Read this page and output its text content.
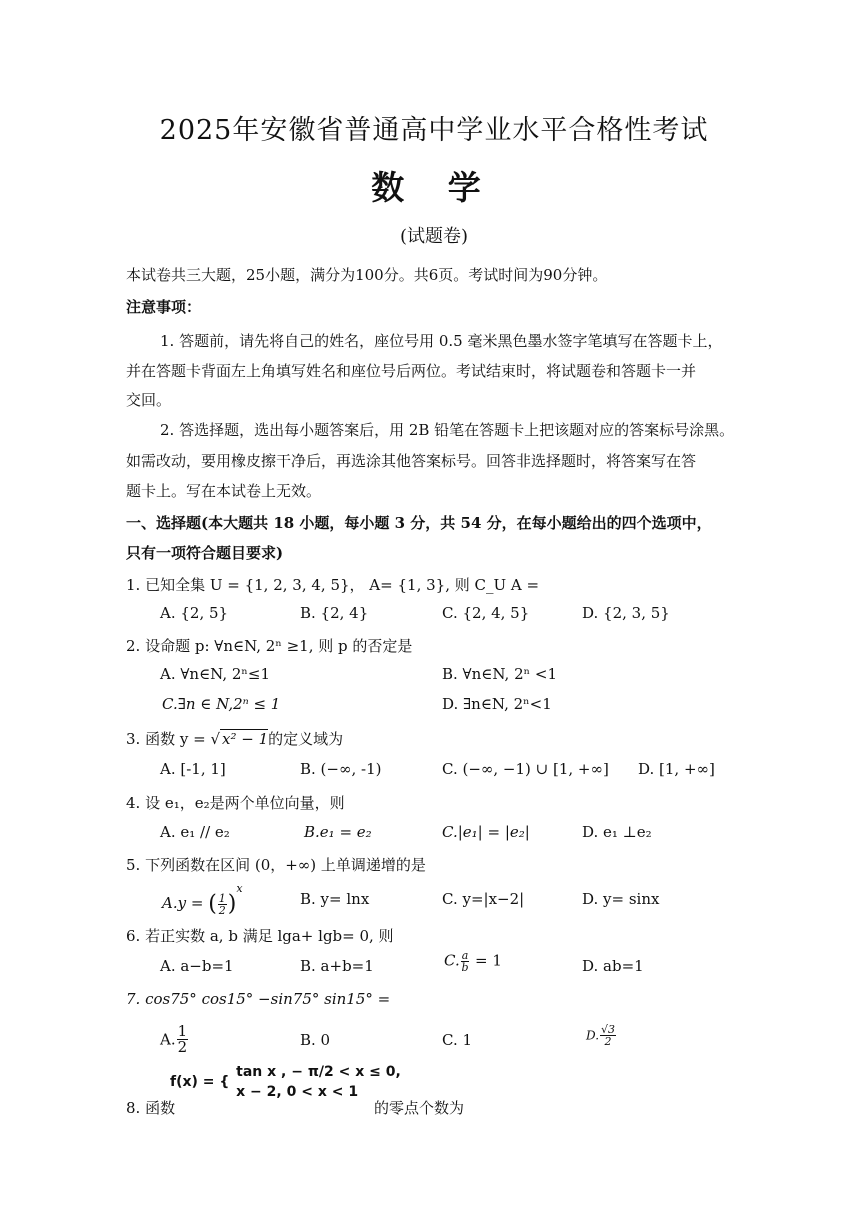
2025年安徽省普通高中学业水平合格性考试
数 学
(试题卷)
本试卷共三大题，25小题，满分为100分。共6页。考试时间为90分钟。
注意事项：
1. 答题前，请先将自己的姓名，座位号用 0.5 毫米黑色墨水签字笔填写在答题卡上，
并在答题卡背面左上角填写姓名和座位号后两位。考试结束时，将试题卷和答题卡一并
交回。
2. 答选择题，选出每小题答案后，用 2B 铅笔在答题卡上把该题对应的答案标号涂黑。
如需改动，要用橡皮擦干净后，再选涂其他答案标号。回答非选择题时，将答案写在答
题卡上。写在本试卷上无效。
一、选择题(本大题共 18 小题，每小题 3 分，共 54 分，在每小题给出的四个选项中，
只有一项符合题目要求)
1. 已知全集 U = {1, 2, 3, 4, 5}， A= {1, 3}, 则 C_U A =
A. {2, 5}	B. {2, 4}	C. {2, 4, 5}	D. {2, 3, 5}
2. 设命题 p: ∀n∈N, 2ⁿ ≥1, 则 p 的否定是
A. ∀n∈N, 2ⁿ≤1	B. ∀n∈N, 2ⁿ <1
C.∃n ∈ N,2ⁿ ≤ 1	D. ∃n∈N, 2ⁿ<1
3. 函数 y = √ x² − 1的定义域为
A. [-1, 1]	B. (−∞, -1)	C. (−∞, −1) ∪ [1, +∞] D. [1, +∞]
4. 设 e₁，e₂是两个单位向量，则
A. e₁ // e₂	B.e₁ = e₂	C.|e₁| = |e₂|	D. e₁ ⊥e₂
5. 下列函数在区间 (0，+∞) 上单调递增的是
A.y = ( $\frac{1}{2} )^x$
B. y= lnx	C. y=|x−2|	D. y= sinx
6. 若正实数 a, b 满足 lga+ lgb= 0, 则
A. a−b=1	B. a+b=1	C. $\frac{a}{b} = 1$	D. ab=1
7. cos75° cos15° −sin75° sin15° =
A. $\frac{1}{2}$	B. 0	C. 1	D. $\frac{√3}{2}$
f(x) = {
tan x , − π/2 < x ≤ 0,
x − 2, 0 < x < 1
8. 函数	的零点个数为
